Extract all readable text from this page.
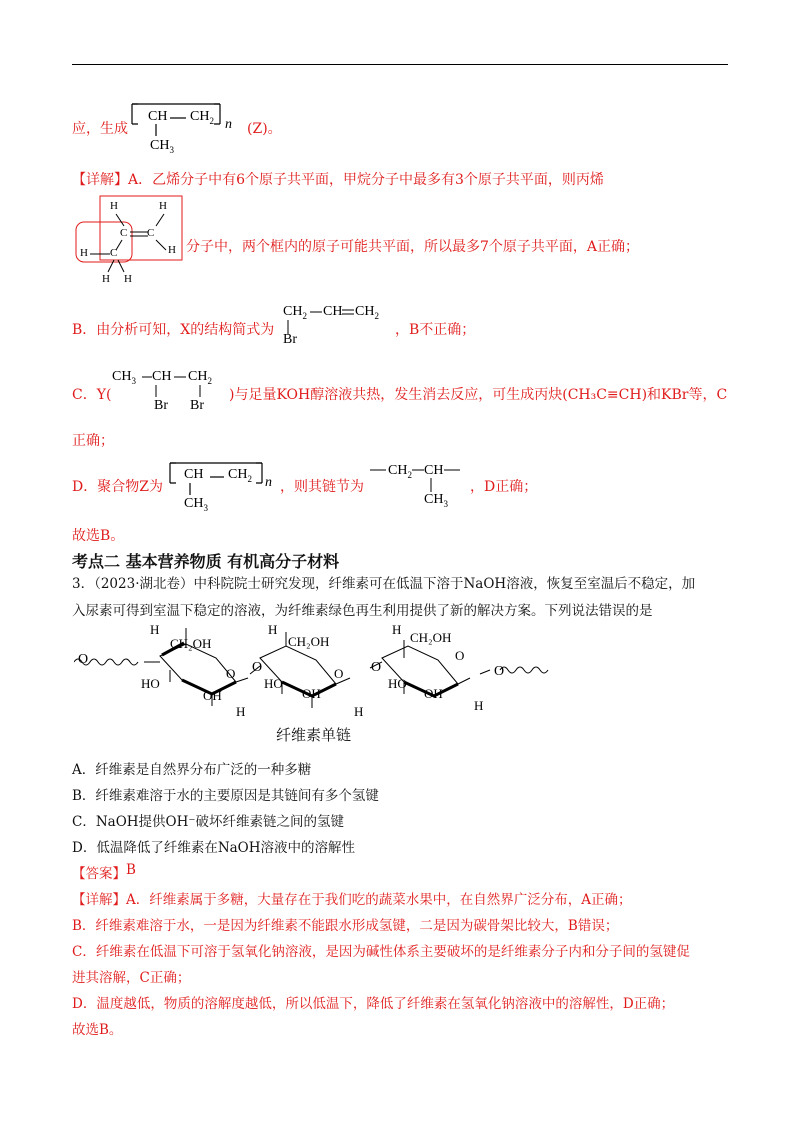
应，生成
CH $CH_2$ n
$CH_3$
(Z)。
【详解】 A．乙烯分子中有6个原子共平面，甲烷分子中最多有3个原子共平面，则丙烯
H	H
C C
H
H C
H H
分子中，两个框内的原子可能共平面，所以最多7个原子共平面，A正确；
B．由分析可知，X的结构简式为
$CH_2$ CH $CH_2$
Br
，B不正确；
C．Y(
$CH_3$ CH $CH_2$
Br Br
)与足量KOH醇溶液共热，发生消去反应，可生成丙炔(CH₃C≡CH)和KBr等，C
正确；
D．聚合物Z为
CH $CH_2$ n
$CH_3$
，则其链节为
$CH_2$ CH
$CH_3$
，D正确；
故选B。
考点二 基本营养物质 有机高分子材料
3．（2023·湖北卷）中科院院士研究发现，纤维素可在低温下溶于NaOH溶液，恢复至室温后不稳定，加
入尿素可得到室温下稳定的溶液，为纤维素绿色再生利用提供了新的解决方案。下列说法错误的是
O
H
CH₂OH
O
HO
OH
H
O
H
CH₂OH
O
HO
OH
H
O
H
CH₂OH
O
HO
OH
O
H
纤维素单链
A．纤维素是自然界分布广泛的一种多糖
B．纤维素难溶于水的主要原因是其链间有多个氢键
C．NaOH提供OH⁻破坏纤维素链之间的氢键
D．低温降低了纤维素在NaOH溶液中的溶解性
【答案】 B
【详解】 A．纤维素属于多糖，大量存在于我们吃的蔬菜水果中，在自然界广泛分布，A正确；
B．纤维素难溶于水，一是因为纤维素不能跟水形成氢键，二是因为碳骨架比较大，B错误；
C．纤维素在低温下可溶于氢氧化钠溶液，是因为碱性体系主要破坏的是纤维素分子内和分子间的氢键促
进其溶解，C正确；
D．温度越低，物质的溶解度越低，所以低温下，降低了纤维素在氢氧化钠溶液中的溶解性，D正确；
故选B。
